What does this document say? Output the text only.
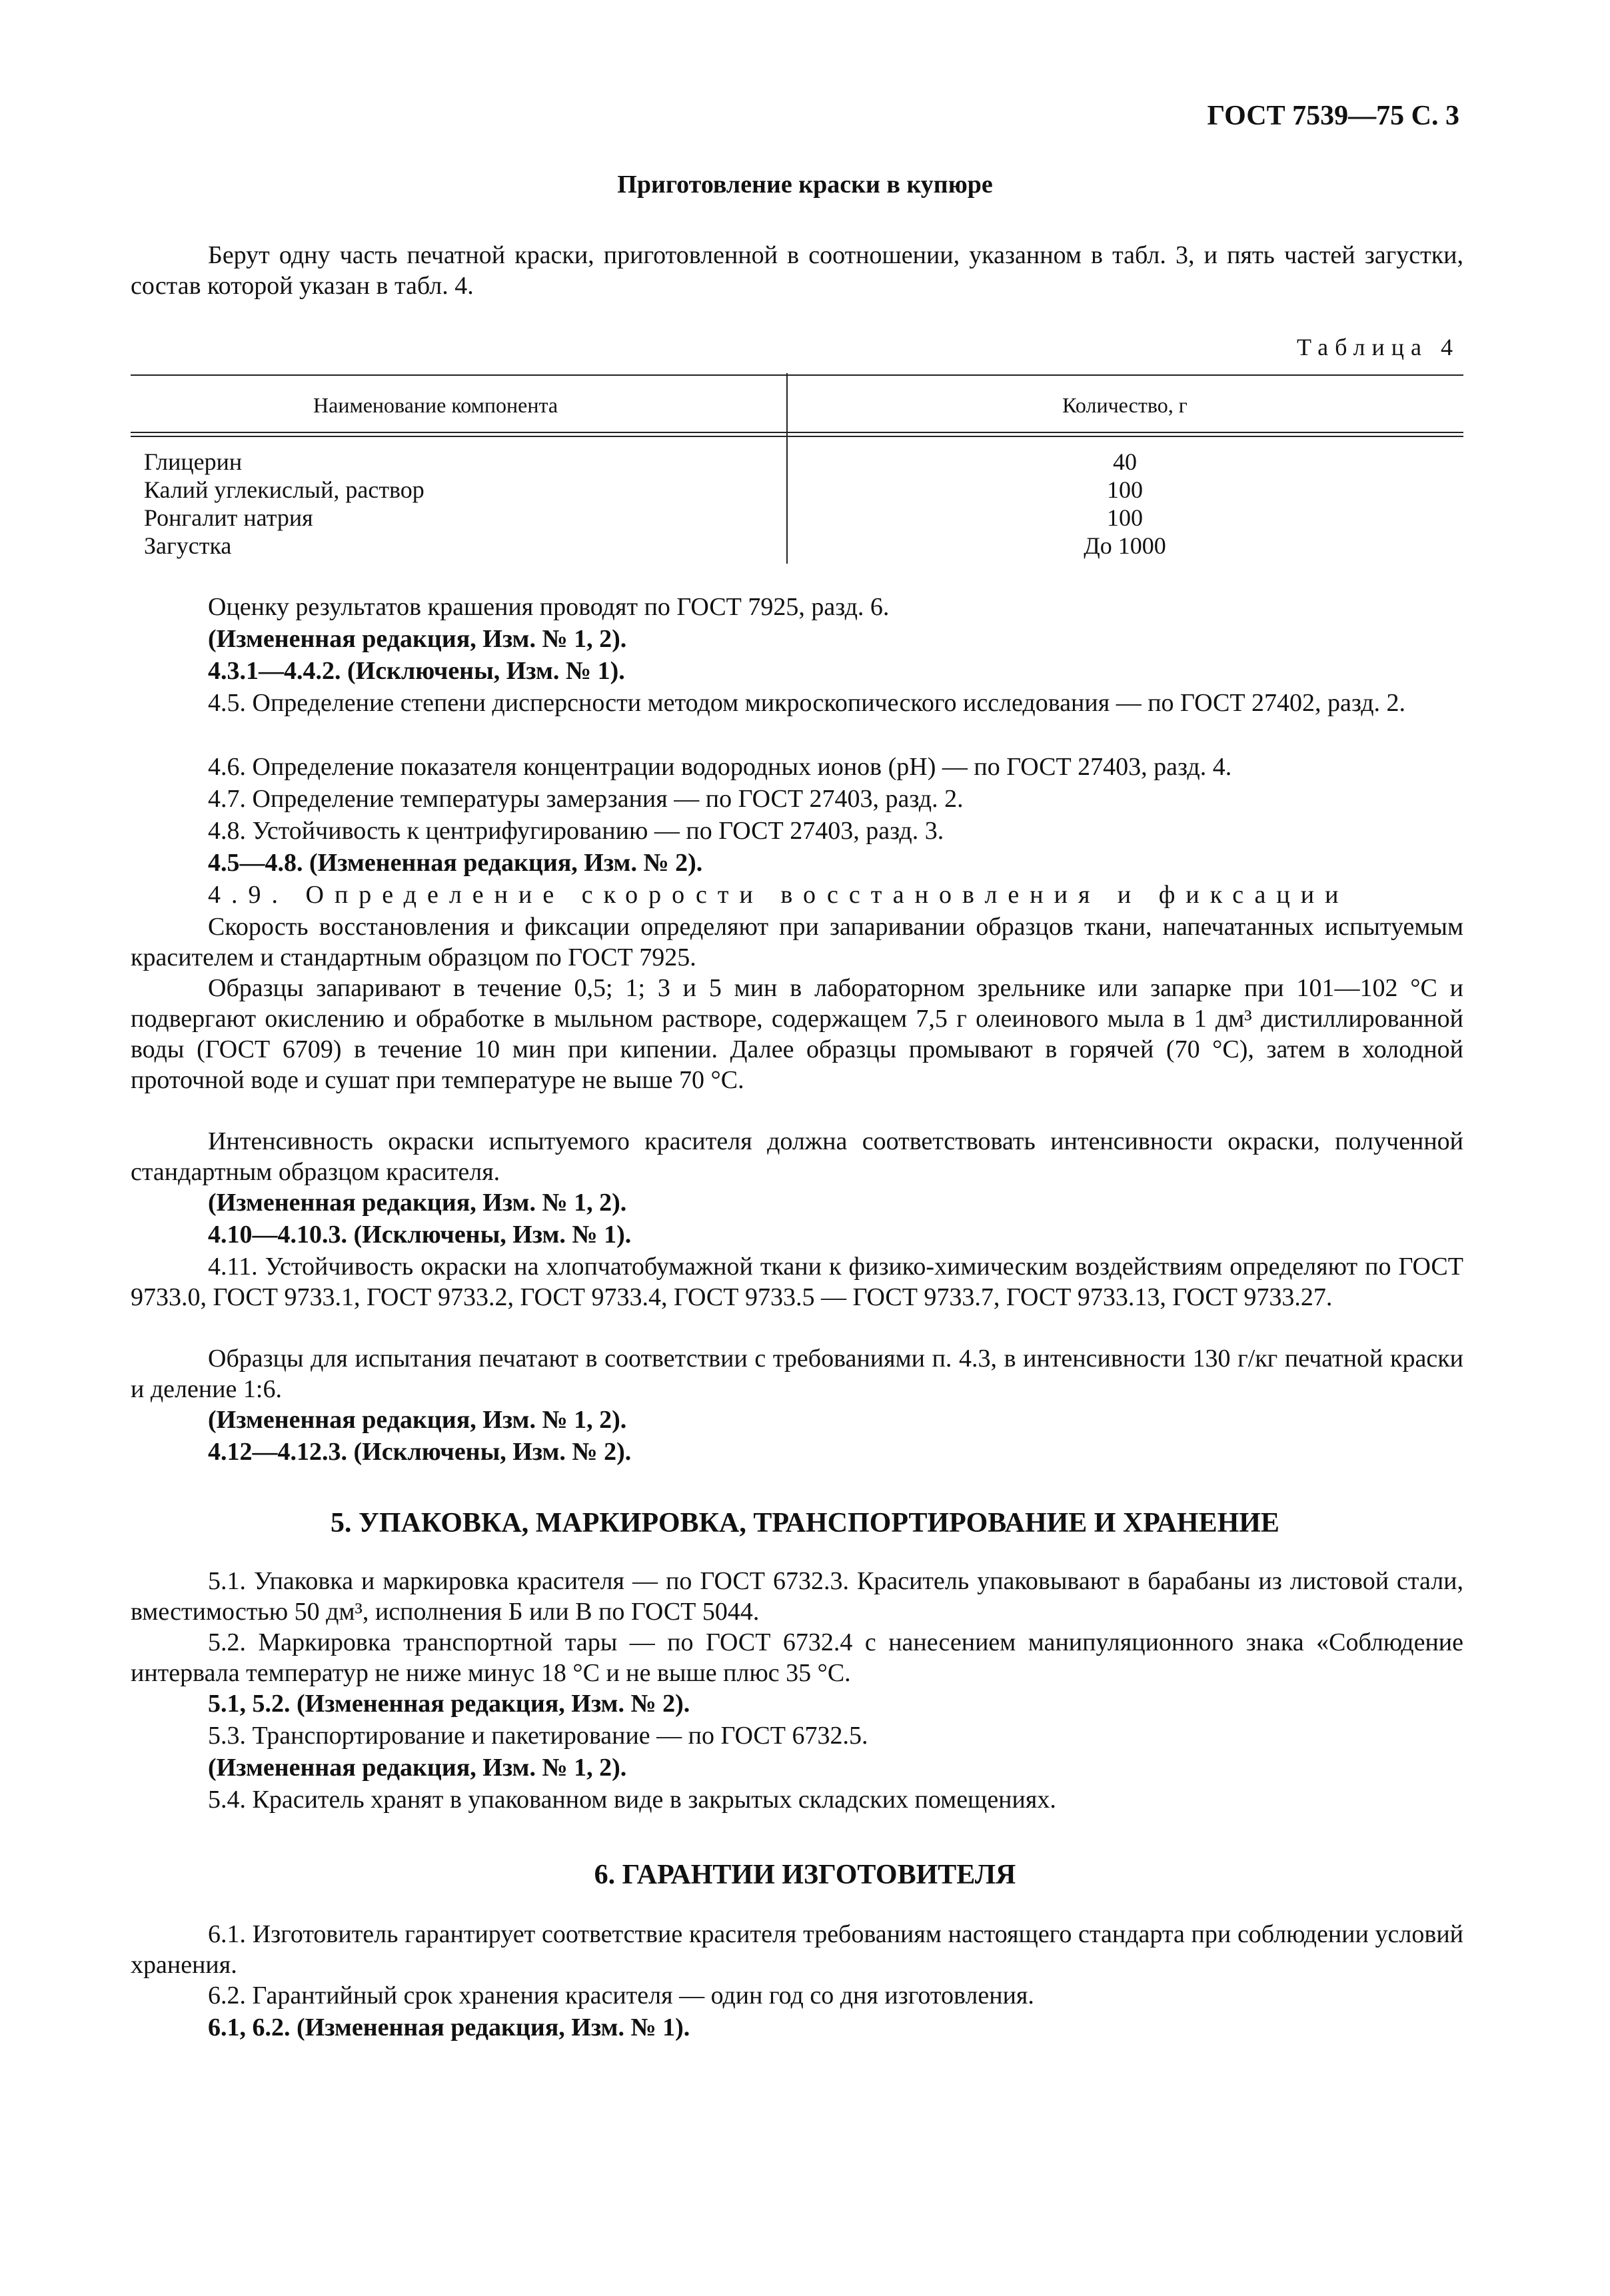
ГОСТ 7539—75 С. 3
Приготовление краски в купюре
Берут одну часть печатной краски, приготовленной в соотношении, указанном в табл. 3, и пять частей загустки, состав которой указан в табл. 4.
Таблица 4
Наименование компонента	Количество, г
Глицерин	40
Калий углекислый, раствор	100
Ронгалит натрия	100
Загустка	До 1000
Оценку результатов крашения проводят по ГОСТ 7925, разд. 6.
(Измененная редакция, Изм. № 1, 2).
4.3.1—4.4.2. (Исключены, Изм. № 1).
4.5. Определение степени дисперсности методом микроскопического исследования — по ГОСТ 27402, разд. 2.
4.6. Определение показателя концентрации водородных ионов (рН) — по ГОСТ 27403, разд. 4.
4.7. Определение температуры замерзания — по ГОСТ 27403, разд. 2.
4.8. Устойчивость к центрифугированию — по ГОСТ 27403, разд. 3.
4.5—4.8. (Измененная редакция, Изм. № 2).
4.9. Определение скорости восстановления и фиксации
Скорость восстановления и фиксации определяют при запаривании образцов ткани, напечатанных испытуемым красителем и стандартным образцом по ГОСТ 7925.
Образцы запаривают в течение 0,5; 1; 3 и 5 мин в лабораторном зрельнике или запарке при 101—102 °С и подвергают окислению и обработке в мыльном растворе, содержащем 7,5 г олеинового мыла в 1 дм³ дистиллированной воды (ГОСТ 6709) в течение 10 мин при кипении. Далее образцы промывают в горячей (70 °С), затем в холодной проточной воде и сушат при температуре не выше 70 °С.
Интенсивность окраски испытуемого красителя должна соответствовать интенсивности окраски, полученной стандартным образцом красителя.
(Измененная редакция, Изм. № 1, 2).
4.10—4.10.3. (Исключены, Изм. № 1).
4.11. Устойчивость окраски на хлопчатобумажной ткани к физико-химическим воздействиям определяют по ГОСТ 9733.0, ГОСТ 9733.1, ГОСТ 9733.2, ГОСТ 9733.4, ГОСТ 9733.5 — ГОСТ 9733.7, ГОСТ 9733.13, ГОСТ 9733.27.
Образцы для испытания печатают в соответствии с требованиями п. 4.3, в интенсивности 130 г/кг печатной краски и деление 1:6.
(Измененная редакция, Изм. № 1, 2).
4.12—4.12.3. (Исключены, Изм. № 2).
5. УПАКОВКА, МАРКИРОВКА, ТРАНСПОРТИРОВАНИЕ И ХРАНЕНИЕ
5.1. Упаковка и маркировка красителя — по ГОСТ 6732.3. Краситель упаковывают в барабаны из листовой стали, вместимостью 50 дм³, исполнения Б или В по ГОСТ 5044.
5.2. Маркировка транспортной тары — по ГОСТ 6732.4 с нанесением манипуляционного знака «Соблюдение интервала температур не ниже минус 18 °С и не выше плюс 35 °С.
5.1, 5.2. (Измененная редакция, Изм. № 2).
5.3. Транспортирование и пакетирование — по ГОСТ 6732.5.
(Измененная редакция, Изм. № 1, 2).
5.4. Краситель хранят в упакованном виде в закрытых складских помещениях.
6. ГАРАНТИИ ИЗГОТОВИТЕЛЯ
6.1. Изготовитель гарантирует соответствие красителя требованиям настоящего стандарта при соблюдении условий хранения.
6.2. Гарантийный срок хранения красителя — один год со дня изготовления.
6.1, 6.2. (Измененная редакция, Изм. № 1).
